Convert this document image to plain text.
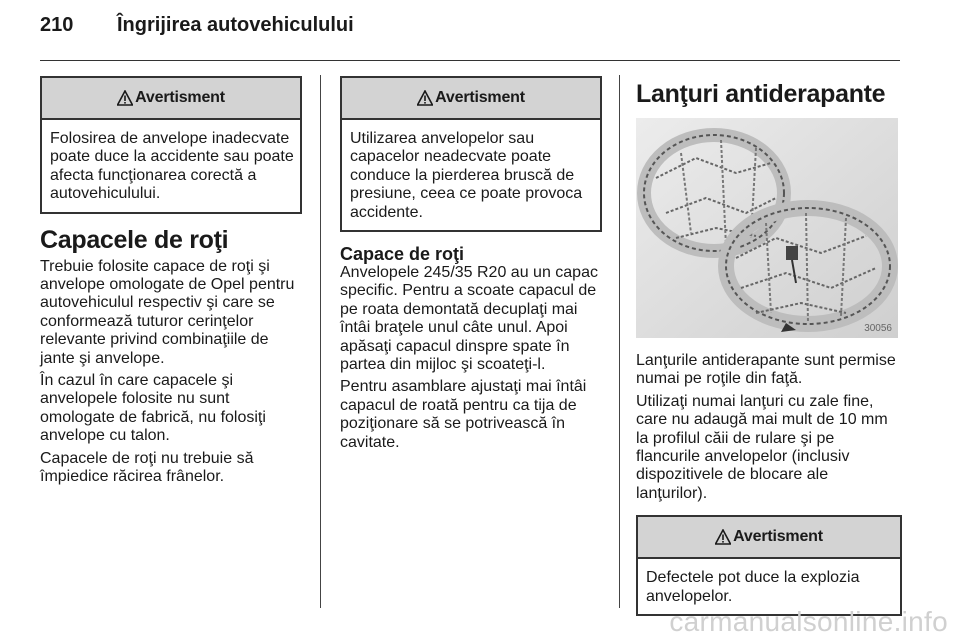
210 Îngrijirea autovehiculului
Avertisment
Folosirea de anvelope inadecvate poate duce la accidente sau poate afecta funcţionarea corectă a autovehiculului.
Capacele de roţi

Trebuie folosite capace de roţi şi anvelope omologate de Opel pentru autovehiculul respectiv şi care se conformează tuturor cerinţelor relevante privind combinaţiile de jante şi anvelope.

În cazul în care capacele şi anvelopele folosite nu sunt omologate de fabrică, nu folosiţi anvelope cu talon.

Capacele de roţi nu trebuie să împiedice răcirea frânelor.

Avertisment
Utilizarea anvelopelor sau capacelor neadecvate poate conduce la pierderea bruscă de presiune, ceea ce poate provoca accidente.
Capace de roţi

Anvelopele 245/35 R20 au un capac specific. Pentru a scoate capacul de pe roata demontată decuplaţi mai întâi braţele unul câte unul. Apoi apăsaţi capacul dinspre spate în partea din mijloc şi scoateţi-l.

Pentru asamblare ajustaţi mai întâi capacul de roată pentru ca tija de poziţionare să se potrivească în cavitate.

Lanţuri antiderapante
30056

Lanţurile antiderapante sunt permise numai pe roţile din faţă.

Utilizaţi numai lanţuri cu zale fine, care nu adaugă mai mult de 10 mm la profilul căii de rulare şi pe flancurile anvelopelor (inclusiv dispozitivele de blocare ale lanţurilor).

Avertisment
Defectele pot duce la explozia anvelopelor.
carmanualsonline.info
